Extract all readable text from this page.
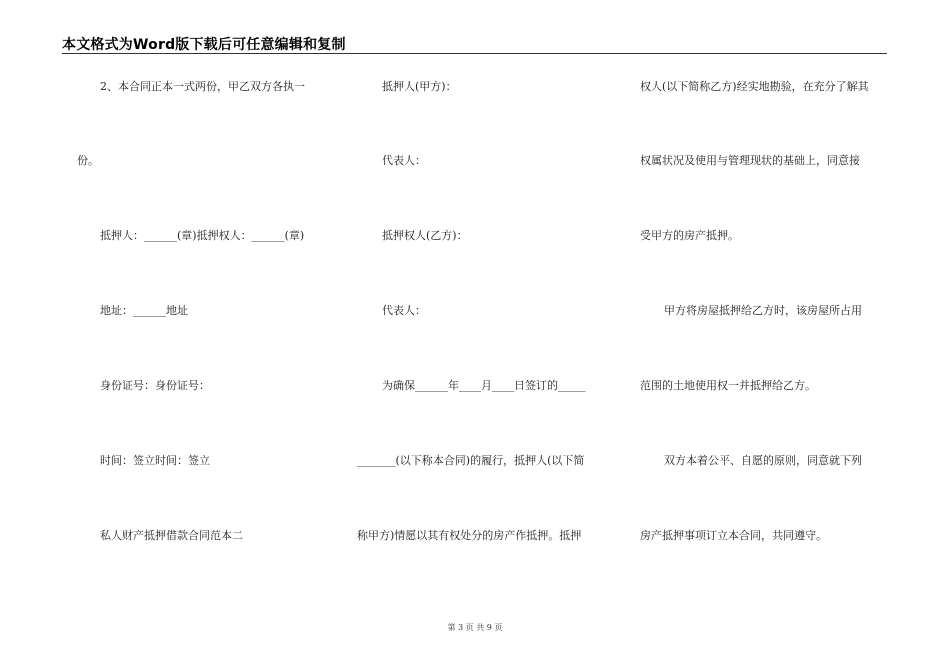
本文格式为Word版下载后可任意编辑和复制
2、本合同正本一式两份，甲乙双方各执一
份。
抵押人：______(章)抵押权人：______(章)
地址：______地址
身份证号：身份证号：
时间：签立时间：签立
私人财产抵押借款合同范本二
抵押人(甲方)：
代表人：
抵押权人(乙方)：
代表人：
为确保______年____月____日签订的_____
_______(以下称本合同)的履行，抵押人(以下简
称甲方)情愿以其有权处分的房产作抵押。抵押
权人(以下简称乙方)经实地勘验，在充分了解其
权属状况及使用与管理现状的基础上，同意接
受甲方的房产抵押。
甲方将房屋抵押给乙方时，该房屋所占用
范围的土地使用权一并抵押给乙方。
双方本着公平、自愿的原则，同意就下列
房产抵押事项订立本合同，共同遵守。
第 3 页 共 9 页
